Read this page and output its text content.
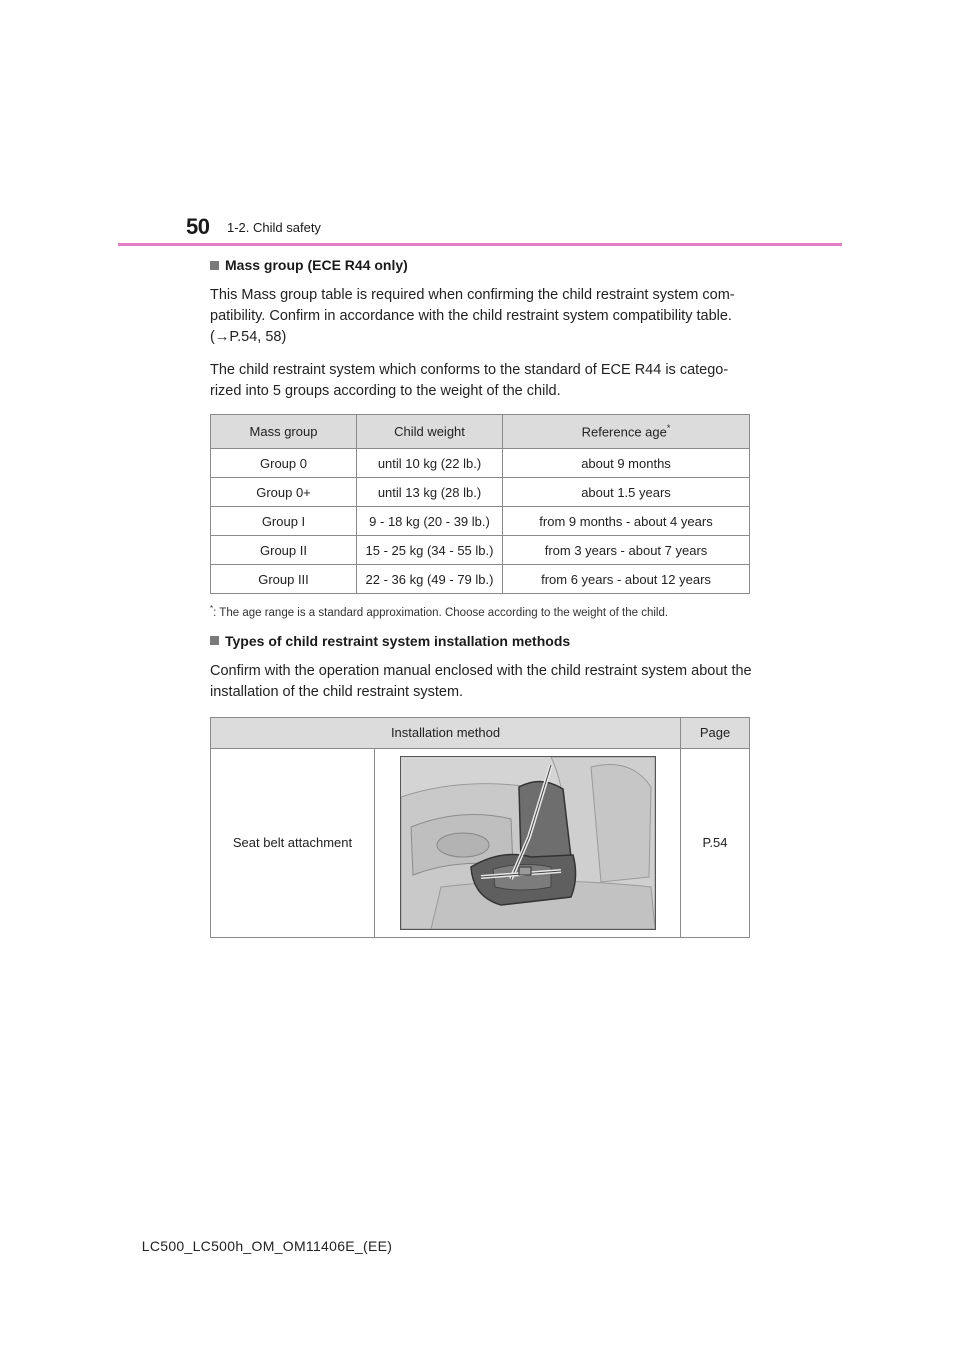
50 1-2. Child safety
Mass group (ECE R44 only)

This Mass group table is required when confirming the child restraint system com-patibility. Confirm in accordance with the child restraint system compatibility table. (→P.54, 58)

The child restraint system which conforms to the standard of ECE R44 is catego-rized into 5 groups according to the weight of the child.

Mass group	Child weight	Reference age*
Group 0	until 10 kg (22 lb.)	about 9 months
Group 0+	until 13 kg (28 lb.)	about 1.5 years
Group I	9 - 18 kg (20 - 39 lb.)	from 9 months - about 4 years
Group II	15 - 25 kg (34 - 55 lb.)	from 3 years - about 7 years
Group III	22 - 36 kg (49 - 79 lb.)	from 6 years - about 12 years
*: The age range is a standard approximation. Choose according to the weight of the child.
Types of child restraint system installation methods

Confirm with the operation manual enclosed with the child restraint system about the installation of the child restraint system.

Installation method		Page
Seat belt attachment		P.54
LC500_LC500h_OM_OM11406E_(EE)
